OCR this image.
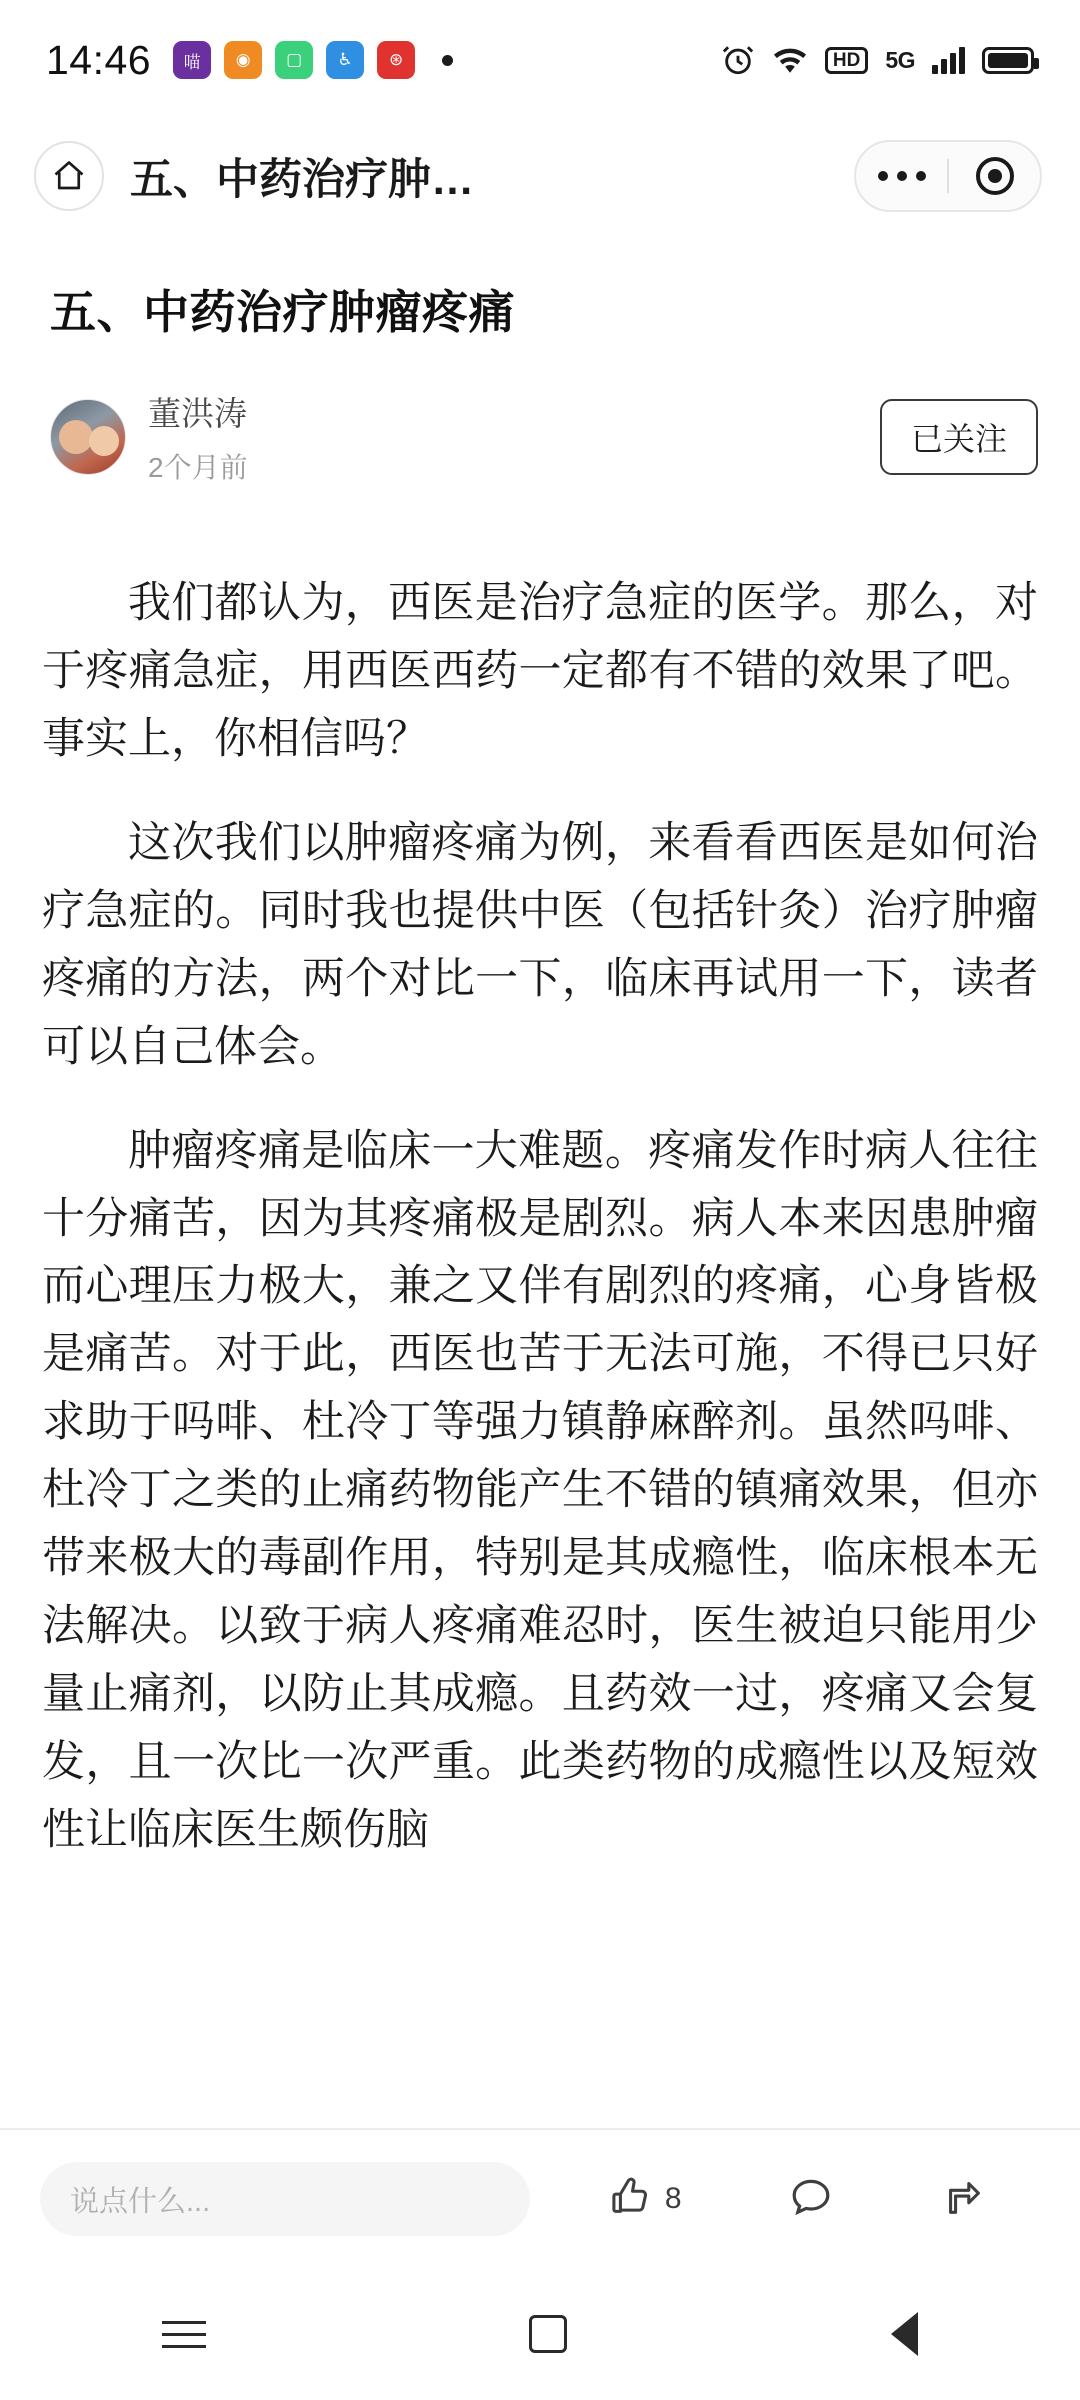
14:46	喵	◉	▢	♿	⊛	HD	5G
五、中药治疗肿…
五、中药治疗肿瘤疼痛
董洪涛
2个月前
已关注

我们都认为，西医是治疗急症的医学。那么，对于疼痛急症，用西医西药一定都有不错的效果了吧。事实上，你相信吗？

这次我们以肿瘤疼痛为例，来看看西医是如何治疗急症的。同时我也提供中医（包括针灸）治疗肿瘤疼痛的方法，两个对比一下，临床再试用一下，读者可以自己体会。

肿瘤疼痛是临床一大难题。疼痛发作时病人往往十分痛苦，因为其疼痛极是剧烈。病人本来因患肿瘤而心理压力极大，兼之又伴有剧烈的疼痛，心身皆极是痛苦。对于此，西医也苦于无法可施，不得已只好求助于吗啡、杜冷丁等强力镇静麻醉剂。虽然吗啡、杜冷丁之类的止痛药物能产生不错的镇痛效果，但亦带来极大的毒副作用，特别是其成瘾性，临床根本无法解决。以致于病人疼痛难忍时，医生被迫只能用少量止痛剂，以防止其成瘾。且药效一过，疼痛又会复发，且一次比一次严重。此类药物的成瘾性以及短效性让临床医生颇伤脑

说点什么...	8
